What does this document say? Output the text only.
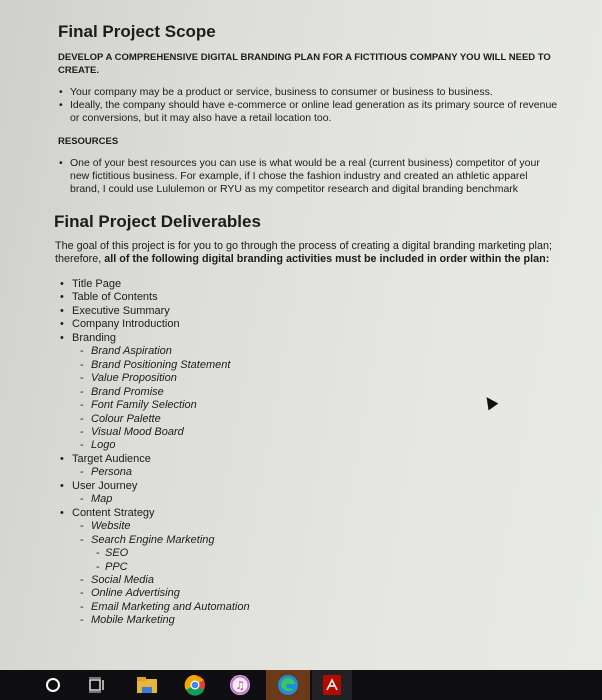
Final Project Scope
DEVELOP A COMPREHENSIVE DIGITAL BRANDING PLAN FOR A FICTITIOUS COMPANY YOU WILL NEED TO CREATE.
• Your company may be a product or service, business to consumer or business to business.
• Ideally, the company should have e-commerce or online lead generation as its primary source of revenue or conversions, but it may also have a retail location too.
RESOURCES
• One of your best resources you can use is what would be a real (current business) competitor of your new fictitious business. For example, if I chose the fashion industry and created an athletic apparel brand, I could use Lululemon or RYU as my competitor research and digital branding benchmark
Final Project Deliverables
The goal of this project is for you to go through the process of creating a digital branding marketing plan; therefore, all of the following digital branding activities must be included in order within the plan:
• Title Page
• Table of Contents
• Executive Summary
• Company Introduction
• Branding
- Brand Aspiration
- Brand Positioning Statement
- Value Proposition
- Brand Promise
- Font Family Selection
- Colour Palette
- Visual Mood Board
- Logo
• Target Audience
- Persona
• User Journey
- Map
• Content Strategy
- Website
- Search Engine Marketing
- SEO
- PPC
- Social Media
- Online Advertising
- Email Marketing and Automation
- Mobile Marketing
♫
